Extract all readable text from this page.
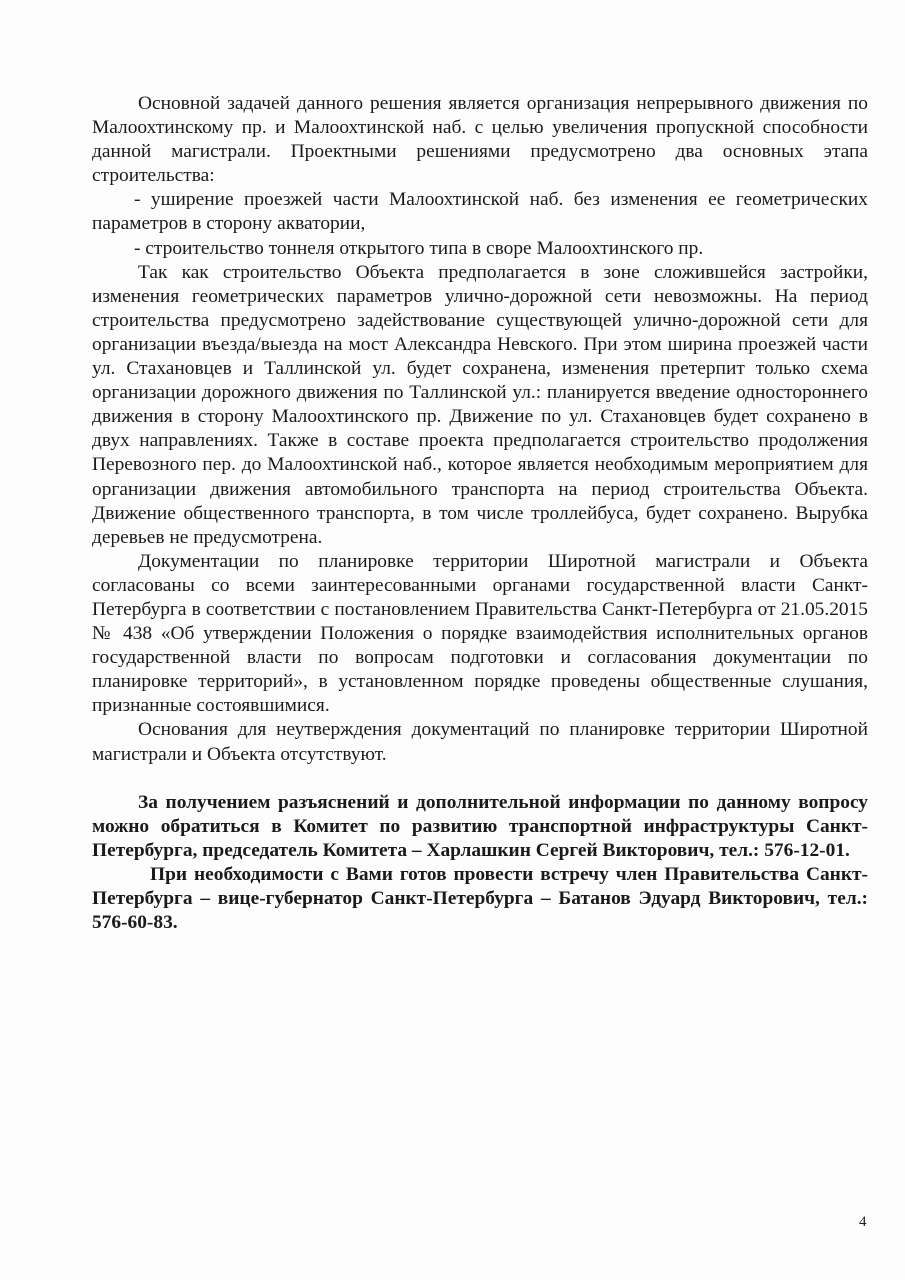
Основной задачей данного решения является организация непрерывного движения по Малоохтинскому пр. и Малоохтинской наб. с целью увеличения пропускной способности данной магистрали. Проектными решениями предусмотрено два основных этапа строительства:

- уширение проезжей части Малоохтинской наб. без изменения ее геометрических параметров в сторону акватории,

- строительство тоннеля открытого типа в своре Малоохтинского пр.

Так как строительство Объекта предполагается в зоне сложившейся застройки, изменения геометрических параметров улично-дорожной сети невозможны. На период строительства предусмотрено задействование существующей улично-дорожной сети для организации въезда/выезда на мост Александра Невского. При этом ширина проезжей части ул. Стахановцев и Таллинской ул. будет сохранена, изменения претерпит только схема организации дорожного движения по Таллинской ул.: планируется введение одностороннего движения в сторону Малоохтинского пр. Движение по ул. Стахановцев будет сохранено в двух направлениях. Также в составе проекта предполагается строительство продолжения Перевозного пер. до Малоохтинской наб., которое является необходимым мероприятием для организации движения автомобильного транспорта на период строительства Объекта. Движение общественного транспорта, в том числе троллейбуса, будет сохранено. Вырубка деревьев не предусмотрена.

Документации по планировке территории Широтной магистрали и Объекта согласованы со всеми заинтересованными органами государственной власти Санкт-Петербурга в соответствии с постановлением Правительства Санкт-Петербурга от 21.05.2015 № 438 «Об утверждении Положения о порядке взаимодействия исполнительных органов государственной власти по вопросам подготовки и согласования документации по планировке территорий», в установленном порядке проведены общественные слушания, признанные состоявшимися.

Основания для неутверждения документаций по планировке территории Широтной магистрали и Объекта отсутствуют.

За получением разъяснений и дополнительной информации по данному вопросу можно обратиться в Комитет по развитию транспортной инфраструктуры Санкт-Петербурга, председатель Комитета – Харлашкин Сергей Викторович, тел.: 576-12-01.

При необходимости с Вами готов провести встречу член Правительства Санкт-Петербурга – вице-губернатор Санкт-Петербурга – Батанов Эдуард Викторович, тел.: 576-60-83.

4
